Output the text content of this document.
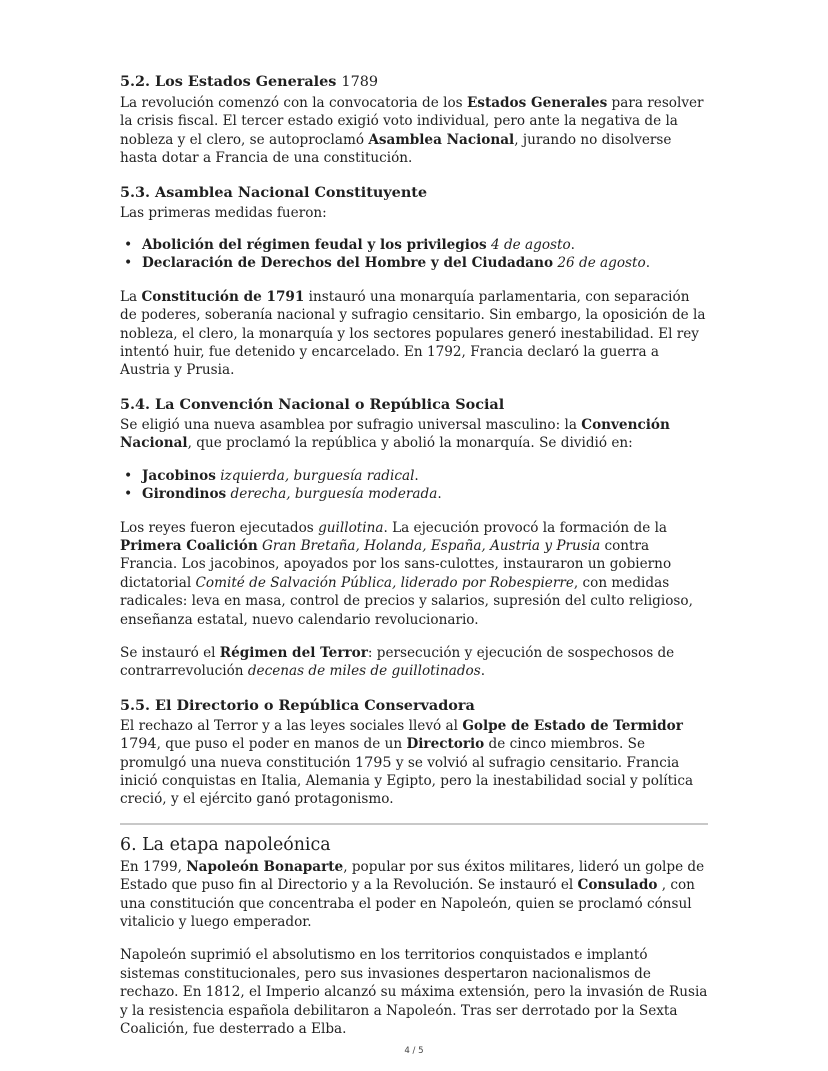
5.2. Los Estados Generales 1789

La revolución comenzó con la convocatoria de los Estados Generales para resolver la crisis fiscal. El tercer estado exigió voto individual, pero ante la negativa de la nobleza y el clero, se autoproclamó Asamblea Nacional, jurando no disolverse hasta dotar a Francia de una constitución.

5.3. Asamblea Nacional Constituyente

Las primeras medidas fueron:

• Abolición del régimen feudal y los privilegios 4 de agosto.
• Declaración de Derechos del Hombre y del Ciudadano 26 de agosto.

La Constitución de 1791 instauró una monarquía parlamentaria, con separación de poderes, soberanía nacional y sufragio censitario. Sin embargo, la oposición de la nobleza, el clero, la monarquía y los sectores populares generó inestabilidad. El rey intentó huir, fue detenido y encarcelado. En 1792, Francia declaró la guerra a Austria y Prusia.

5.4. La Convención Nacional o República Social

Se eligió una nueva asamblea por sufragio universal masculino: la Convención Nacional, que proclamó la república y abolió la monarquía. Se dividió en:

• Jacobinos izquierda, burguesía radical.
• Girondinos derecha, burguesía moderada.

Los reyes fueron ejecutados guillotina. La ejecución provocó la formación de la Primera Coalición Gran Bretaña, Holanda, España, Austria y Prusia contra Francia. Los jacobinos, apoyados por los sans-culottes, instauraron un gobierno dictatorial Comité de Salvación Pública, liderado por Robespierre, con medidas radicales: leva en masa, control de precios y salarios, supresión del culto religioso, enseñanza estatal, nuevo calendario revolucionario.

Se instauró el Régimen del Terror: persecución y ejecución de sospechosos de contrarrevolución decenas de miles de guillotinados.

5.5. El Directorio o República Conservadora

El rechazo al Terror y a las leyes sociales llevó al Golpe de Estado de Termidor 1794, que puso el poder en manos de un Directorio de cinco miembros. Se promulgó una nueva constitución 1795 y se volvió al sufragio censitario. Francia inició conquistas en Italia, Alemania y Egipto, pero la inestabilidad social y política creció, y el ejército ganó protagonismo.

6. La etapa napoleónica

En 1799, Napoleón Bonaparte, popular por sus éxitos militares, lideró un golpe de Estado que puso fin al Directorio y a la Revolución. Se instauró el Consulado , con una constitución que concentraba el poder en Napoleón, quien se proclamó cónsul vitalicio y luego emperador.

Napoleón suprimió el absolutismo en los territorios conquistados e implantó sistemas constitucionales, pero sus invasiones despertaron nacionalismos de rechazo. En 1812, el Imperio alcanzó su máxima extensión, pero la invasión de Rusia y la resistencia española debilitaron a Napoleón. Tras ser derrotado por la Sexta Coalición, fue desterrado a Elba.

4 / 5
